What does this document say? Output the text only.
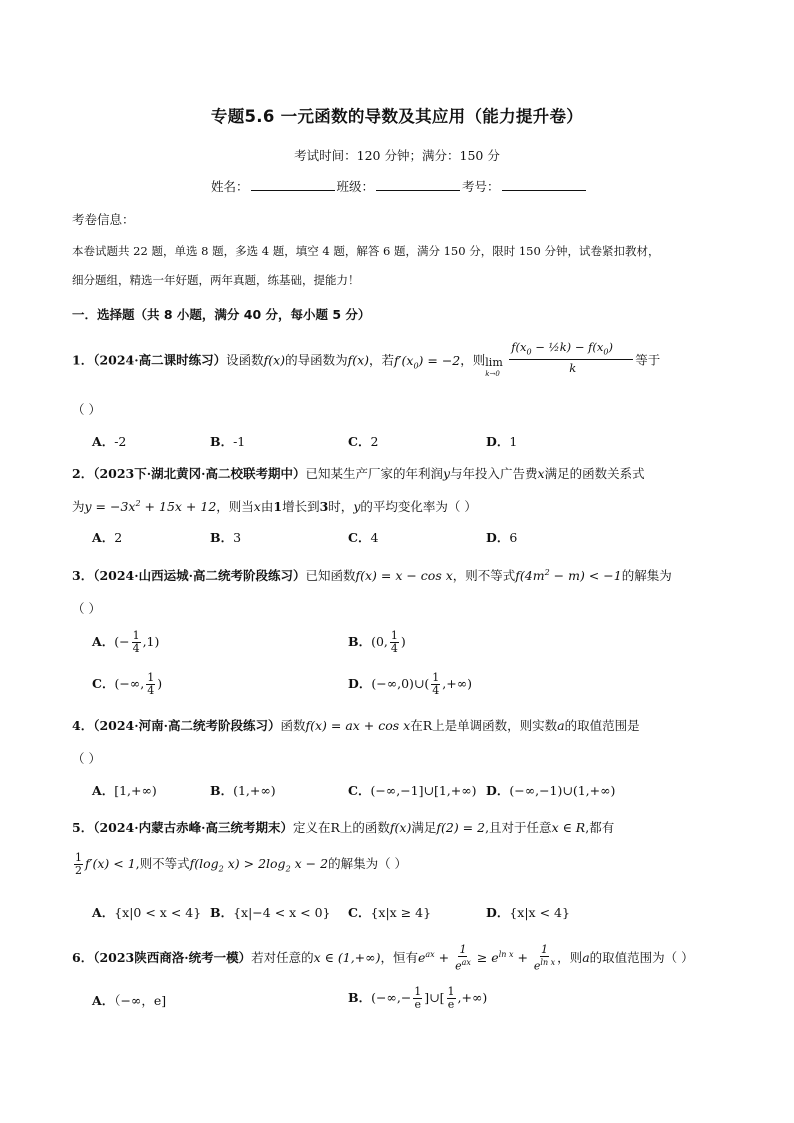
专题5.6 一元函数的导数及其应用（能力提升卷）
考试时间：120 分钟；满分：150 分
姓名：	班级：	考号：
考卷信息：
本卷试题共 22 题，单选 8 题，多选 4 题，填空 4 题，解答 6 题，满分 150 分，限时 150 分钟，试卷紧扣教材，
细分题组，精选一年好题，两年真题，练基础，提能力！
一．选择题（共 8 小题，满分 40 分，每小题 5 分）
1．（2024·高二课时练习）设函数f(x)的导函数为f(x)，若$f'(x_0) = -2$，则 lim
k→0
$f(x_0$ − ½k) − $f(x_0)$
k
等于
（ ）
A．-2	B．-1	C．2	D．1
2．（2023下·湖北黄冈·高二校联考期中）已知某生产厂家的年利润y与年投入广告费x满足的函数关系式
为$y = -3x^2 + 15x + 12$，则当x由1增长到3时，y的平均变化率为（ ）
A．2	B．3	C．4	D．6
3．（2024·山西运城·高二统考阶段练习）已知函数f(x) = x − cos x，则不等式$f(4m^2 - m) < -1$的解集为
（ ）
A．(− $\frac{1}{4} ,1$)	B．(0, $\frac{1}{4}$ )
C．(−∞, $\frac{1}{4}$ )	D．(−∞,0)∪( $\frac{1}{4}$ ,+∞)
4．（2024·河南·高二统考阶段练习）函数f(x) = ax + cos x在R上是单调函数，则实数a的取值范围是
（ ）
A．[1,+∞)	B．(1,+∞)	C．(−∞,−1]∪[1,+∞) D．(−∞,−1)∪(1,+∞)
5．（2024·内蒙古赤峰·高三统考期末）定义在R上的函数f(x)满足f(2) = 2,且对于任意x ∈ R,都有
$\frac{1}{2} f'(x) < 1$,则不等式$f(\log_2$ $x) > 2\log_2$ x − 2的解集为（ ）
A．{x|0 < x < 4} B．{x|−4 < x < 0} C．{x|x ≥ 4}	D．{x|x < 4}
6．（2023陕西商洛·统考一模）若对任意的x ∈ (1,+∞)，恒有$e^{ax} + \frac{1}{e^{ax}} \ge e^{ln x} + \frac{1}{e^{ln x}}$ ，则a的取值范围为（ ）
A．（−∞，e]	B．(−∞,− $\frac{1}{e}$ ]∪[ $\frac{1}{e}$ ,+∞)
